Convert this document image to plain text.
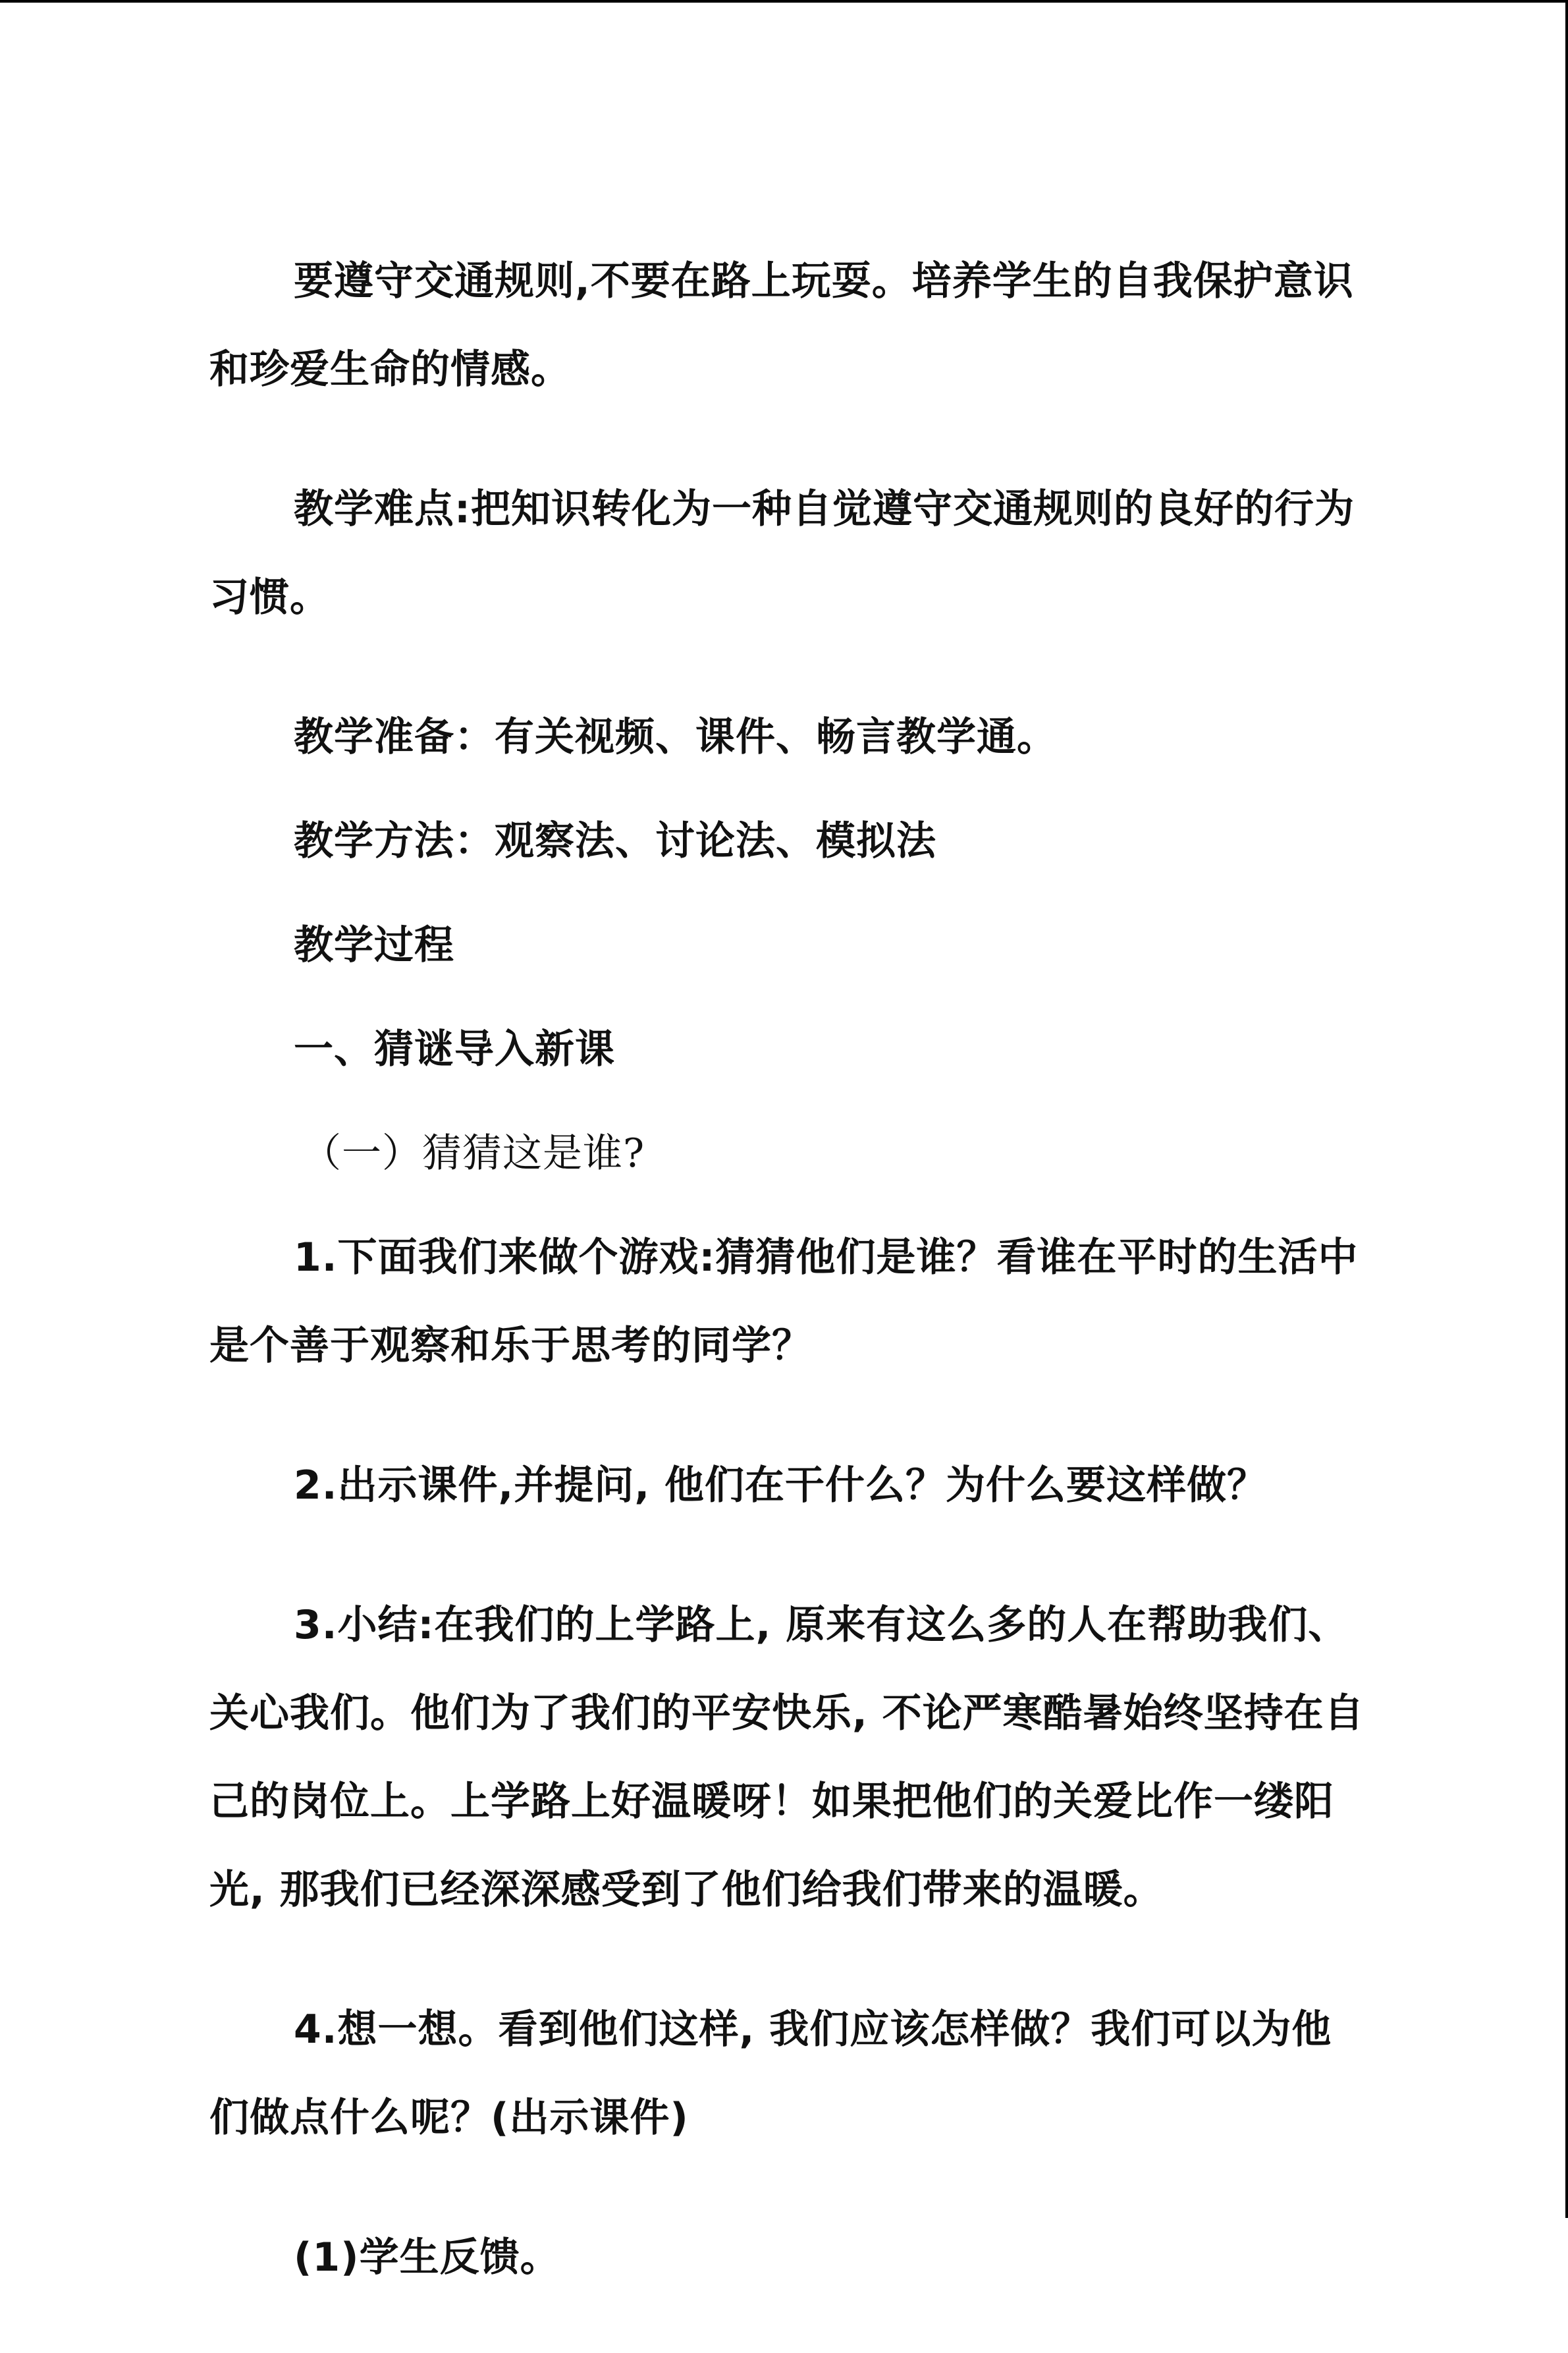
要遵守交通规则,不要在路上玩耍。培养学生的自我保护意识和珍爱生命的情感。

教学难点:把知识转化为一种自觉遵守交通规则的良好的行为习惯。

教学准备：有关视频、课件、畅言教学通。

教学方法：观察法、讨论法、模拟法

教学过程

一、猜谜导入新课

（一）猜猜这是谁?

1.下面我们来做个游戏:猜猜他们是谁？看谁在平时的生活中是个善于观察和乐于思考的同学？

2.出示课件,并提问, 他们在干什么？为什么要这样做？

3.小结:在我们的上学路上, 原来有这么多的人在帮助我们、关心我们。他们为了我们的平安快乐, 不论严寒酷暑始终坚持在自己的岗位上。上学路上好温暖呀！如果把他们的关爱比作一缕阳光, 那我们已经深深感受到了他们给我们带来的温暖。

4.想一想。看到他们这样, 我们应该怎样做？我们可以为他们做点什么呢？(出示课件)

(1)学生反馈。
